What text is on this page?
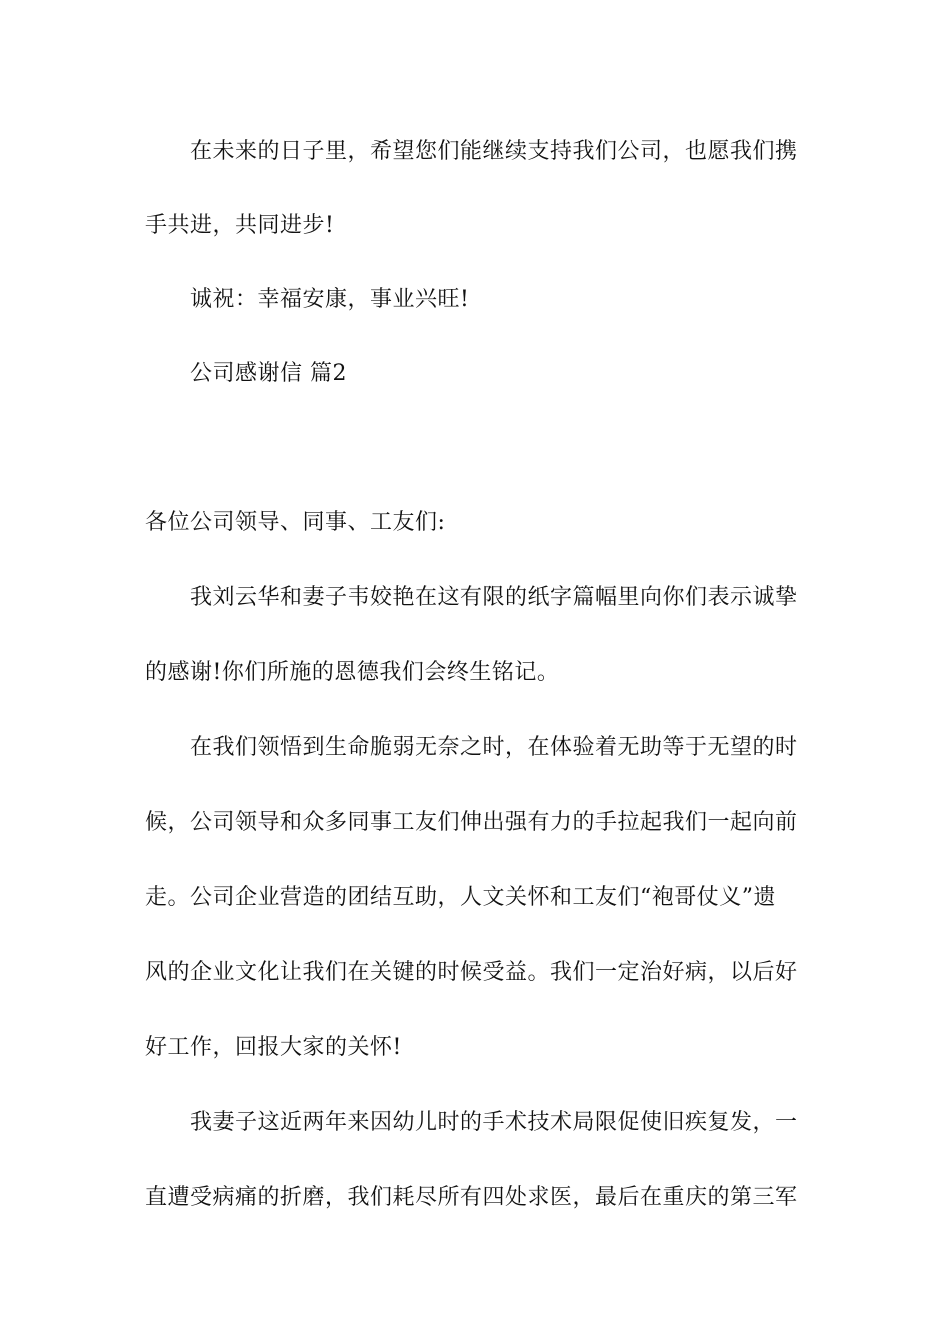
在未来的日子里，希望您们能继续支持我们公司，也愿我们携
手共进，共同进步!
诚祝：幸福安康，事业兴旺!
公司感谢信 篇2
各位公司领导、同事、工友们:
我刘云华和妻子韦姣艳在这有限的纸字篇幅里向你们表示诚挚
的感谢!你们所施的恩德我们会终生铭记。
在我们领悟到生命脆弱无奈之时，在体验着无助等于无望的时
候，公司领导和众多同事工友们伸出强有力的手拉起我们一起向前
走。公司企业营造的团结互助，人文关怀和工友们“袍哥仗义”遗
风的企业文化让我们在关键的时候受益。我们一定治好病，以后好
好工作，回报大家的关怀!
我妻子这近两年来因幼儿时的手术技术局限促使旧疾复发，一
直遭受病痛的折磨，我们耗尽所有四处求医，最后在重庆的第三军
